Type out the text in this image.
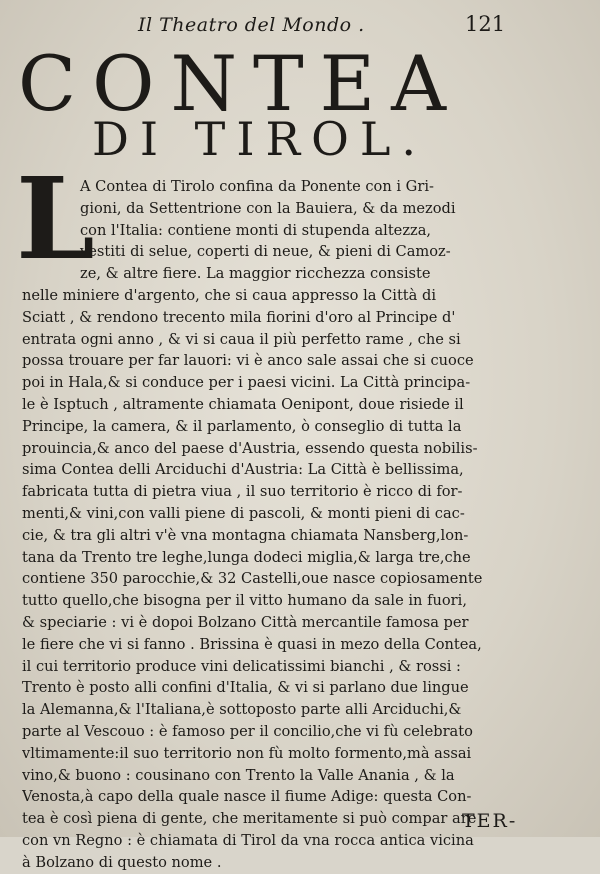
Il Theatro del Mondo .	121
CONTEA
DI TIROL.
L
A Contea di Tirolo confina da Ponente con i Gri-
gioni, da Settentrione con la Bauiera, & da mezodi
con l'Italia: contiene monti di stupenda altezza,
vestiti di selue, coperti di neue, & pieni di Camoz-
ze, & altre fiere. La maggior ricchezza consiste
nelle miniere d'argento, che si caua appresso la Città di
Sciatt , & rendono trecento mila fiorini d'oro al Principe d'
entrata ogni anno , & vi si caua il più perfetto rame , che si
possa trouare per far lauori: vi è anco sale assai che si cuoce
poi in Hala,& si conduce per i paesi vicini. La Città principa-
le è Isptuch , altramente chiamata Oenipont, doue risiede il
Principe, la camera, & il parlamento, ò conseglio di tutta la
prouincia,& anco del paese d'Austria, essendo questa nobilis-
sima Contea delli Arciduchi d'Austria: La Città è bellissima,
fabricata tutta di pietra viua , il suo territorio è ricco di for-
menti,& vini,con valli piene di pascoli, & monti pieni di cac-
cie, & tra gli altri v'è vna montagna chiamata Nansberg,lon-
tana da Trento tre leghe,lunga dodeci miglia,& larga tre,che
contiene 350 parocchie,& 32 Castelli,oue nasce copiosamente
tutto quello,che bisogna per il vitto humano da sale in fuori,
& speciarie : vi è dopoi Bolzano Città mercantile famosa per
le fiere che vi si fanno . Brissina è quasi in mezo della Contea,
il cui territorio produce vini delicatissimi bianchi , & rossi :
Trento è posto alli confini d'Italia, & vi si parlano due lingue
la Alemanna,& l'Italiana,è sottoposto parte alli Arciduchi,&
parte al Vescouo : è famoso per il concilio,che vi fù celebrato
vltimamente:il suo territorio non fù molto formento,mà assai
vino,& buono : cousinano con Trento la Valle Anania , & la
Venosta,à capo della quale nasce il fiume Adige: questa Con-
tea è così piena di gente, che meritamente si può compar are
con vn Regno : è chiamata di Tirol da vna rocca antica vicina
à Bolzano di questo nome .
TER-
